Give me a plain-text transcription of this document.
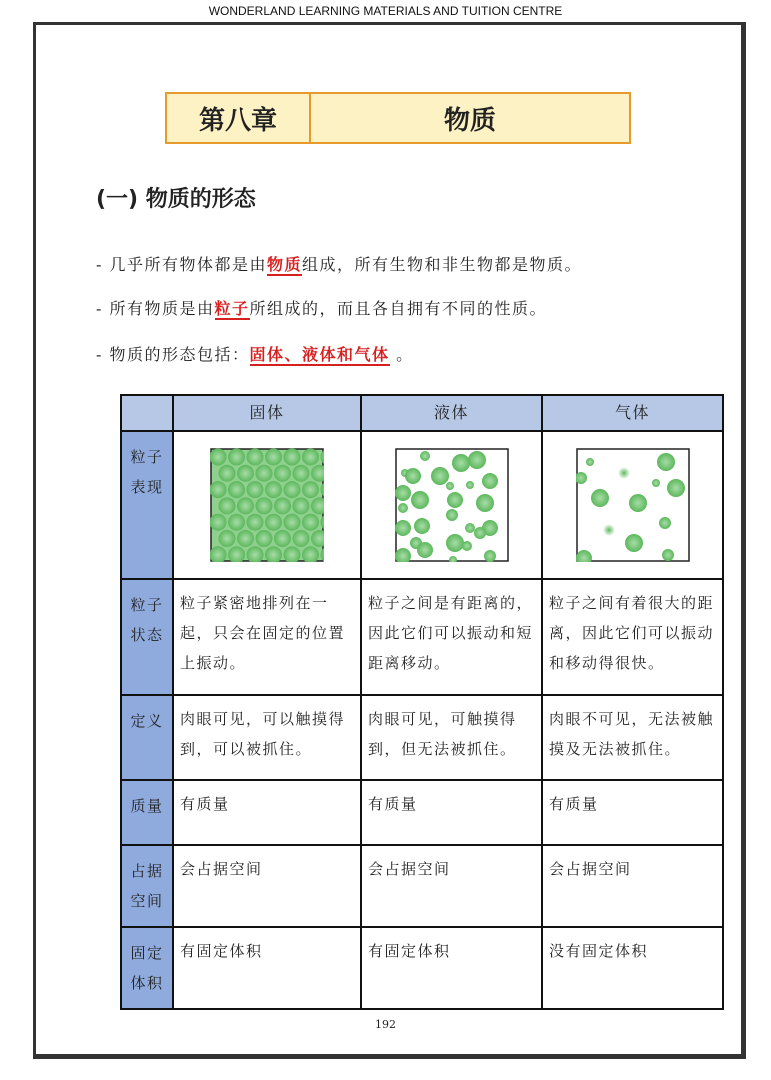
WONDERLAND LEARNING MATERIALS AND TUITION CENTRE
第八章	物质
(一) 物质的形态
- 几乎所有物体都是由物质组成，所有生物和非生物都是物质。
- 所有物质是由粒子所组成的，而且各自拥有不同的性质。
- 物质的形态包括：固体、液体和气体 。
	固体	液体	气体
粒子表现	

粒子状态	粒子紧密地排列在一起，只会在固定的位置上振动。	粒子之间是有距离的，因此它们可以振动和短距离移动。	粒子之间有着很大的距离，因此它们可以振动和移动得很快。
定义	肉眼可见，可以触摸得到，可以被抓住。	肉眼可见，可触摸得到，但无法被抓住。	肉眼不可见，无法被触摸及无法被抓住。
质量	有质量	有质量	有质量
占据空间	会占据空间	会占据空间	会占据空间
固定体积	有固定体积	有固定体积	没有固定体积
192
